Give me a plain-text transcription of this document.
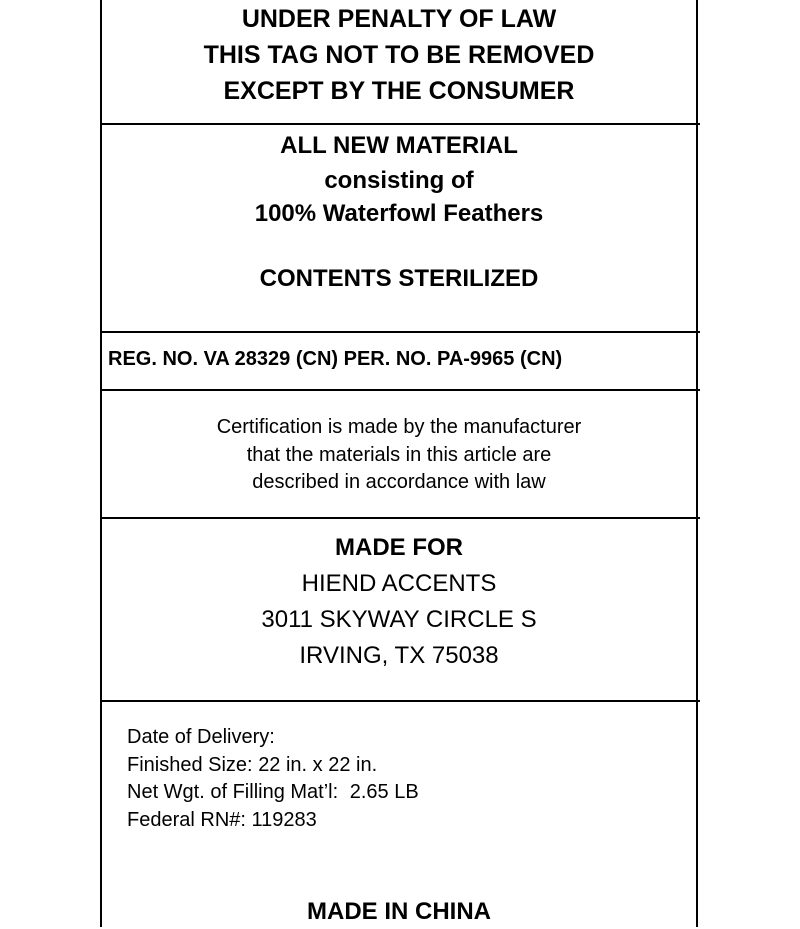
UNDER PENALTY OF LAW
THIS TAG NOT TO BE REMOVED
EXCEPT BY THE CONSUMER
ALL NEW MATERIAL
consisting of
100% Waterfowl Feathers
CONTENTS STERILIZED
REG. NO. VA 28329 (CN) PER. NO. PA-9965 (CN)
Certification is made by the manufacturer
that the materials in this article are
described in accordance with law
MADE FOR
HIEND ACCENTS
3011 SKYWAY CIRCLE S
IRVING, TX 75038
Date of Delivery:
Finished Size: 22 in. x 22 in.
Net Wgt. of Filling Mat’l: 2.65 LB
Federal RN#: 119283
MADE IN CHINA
